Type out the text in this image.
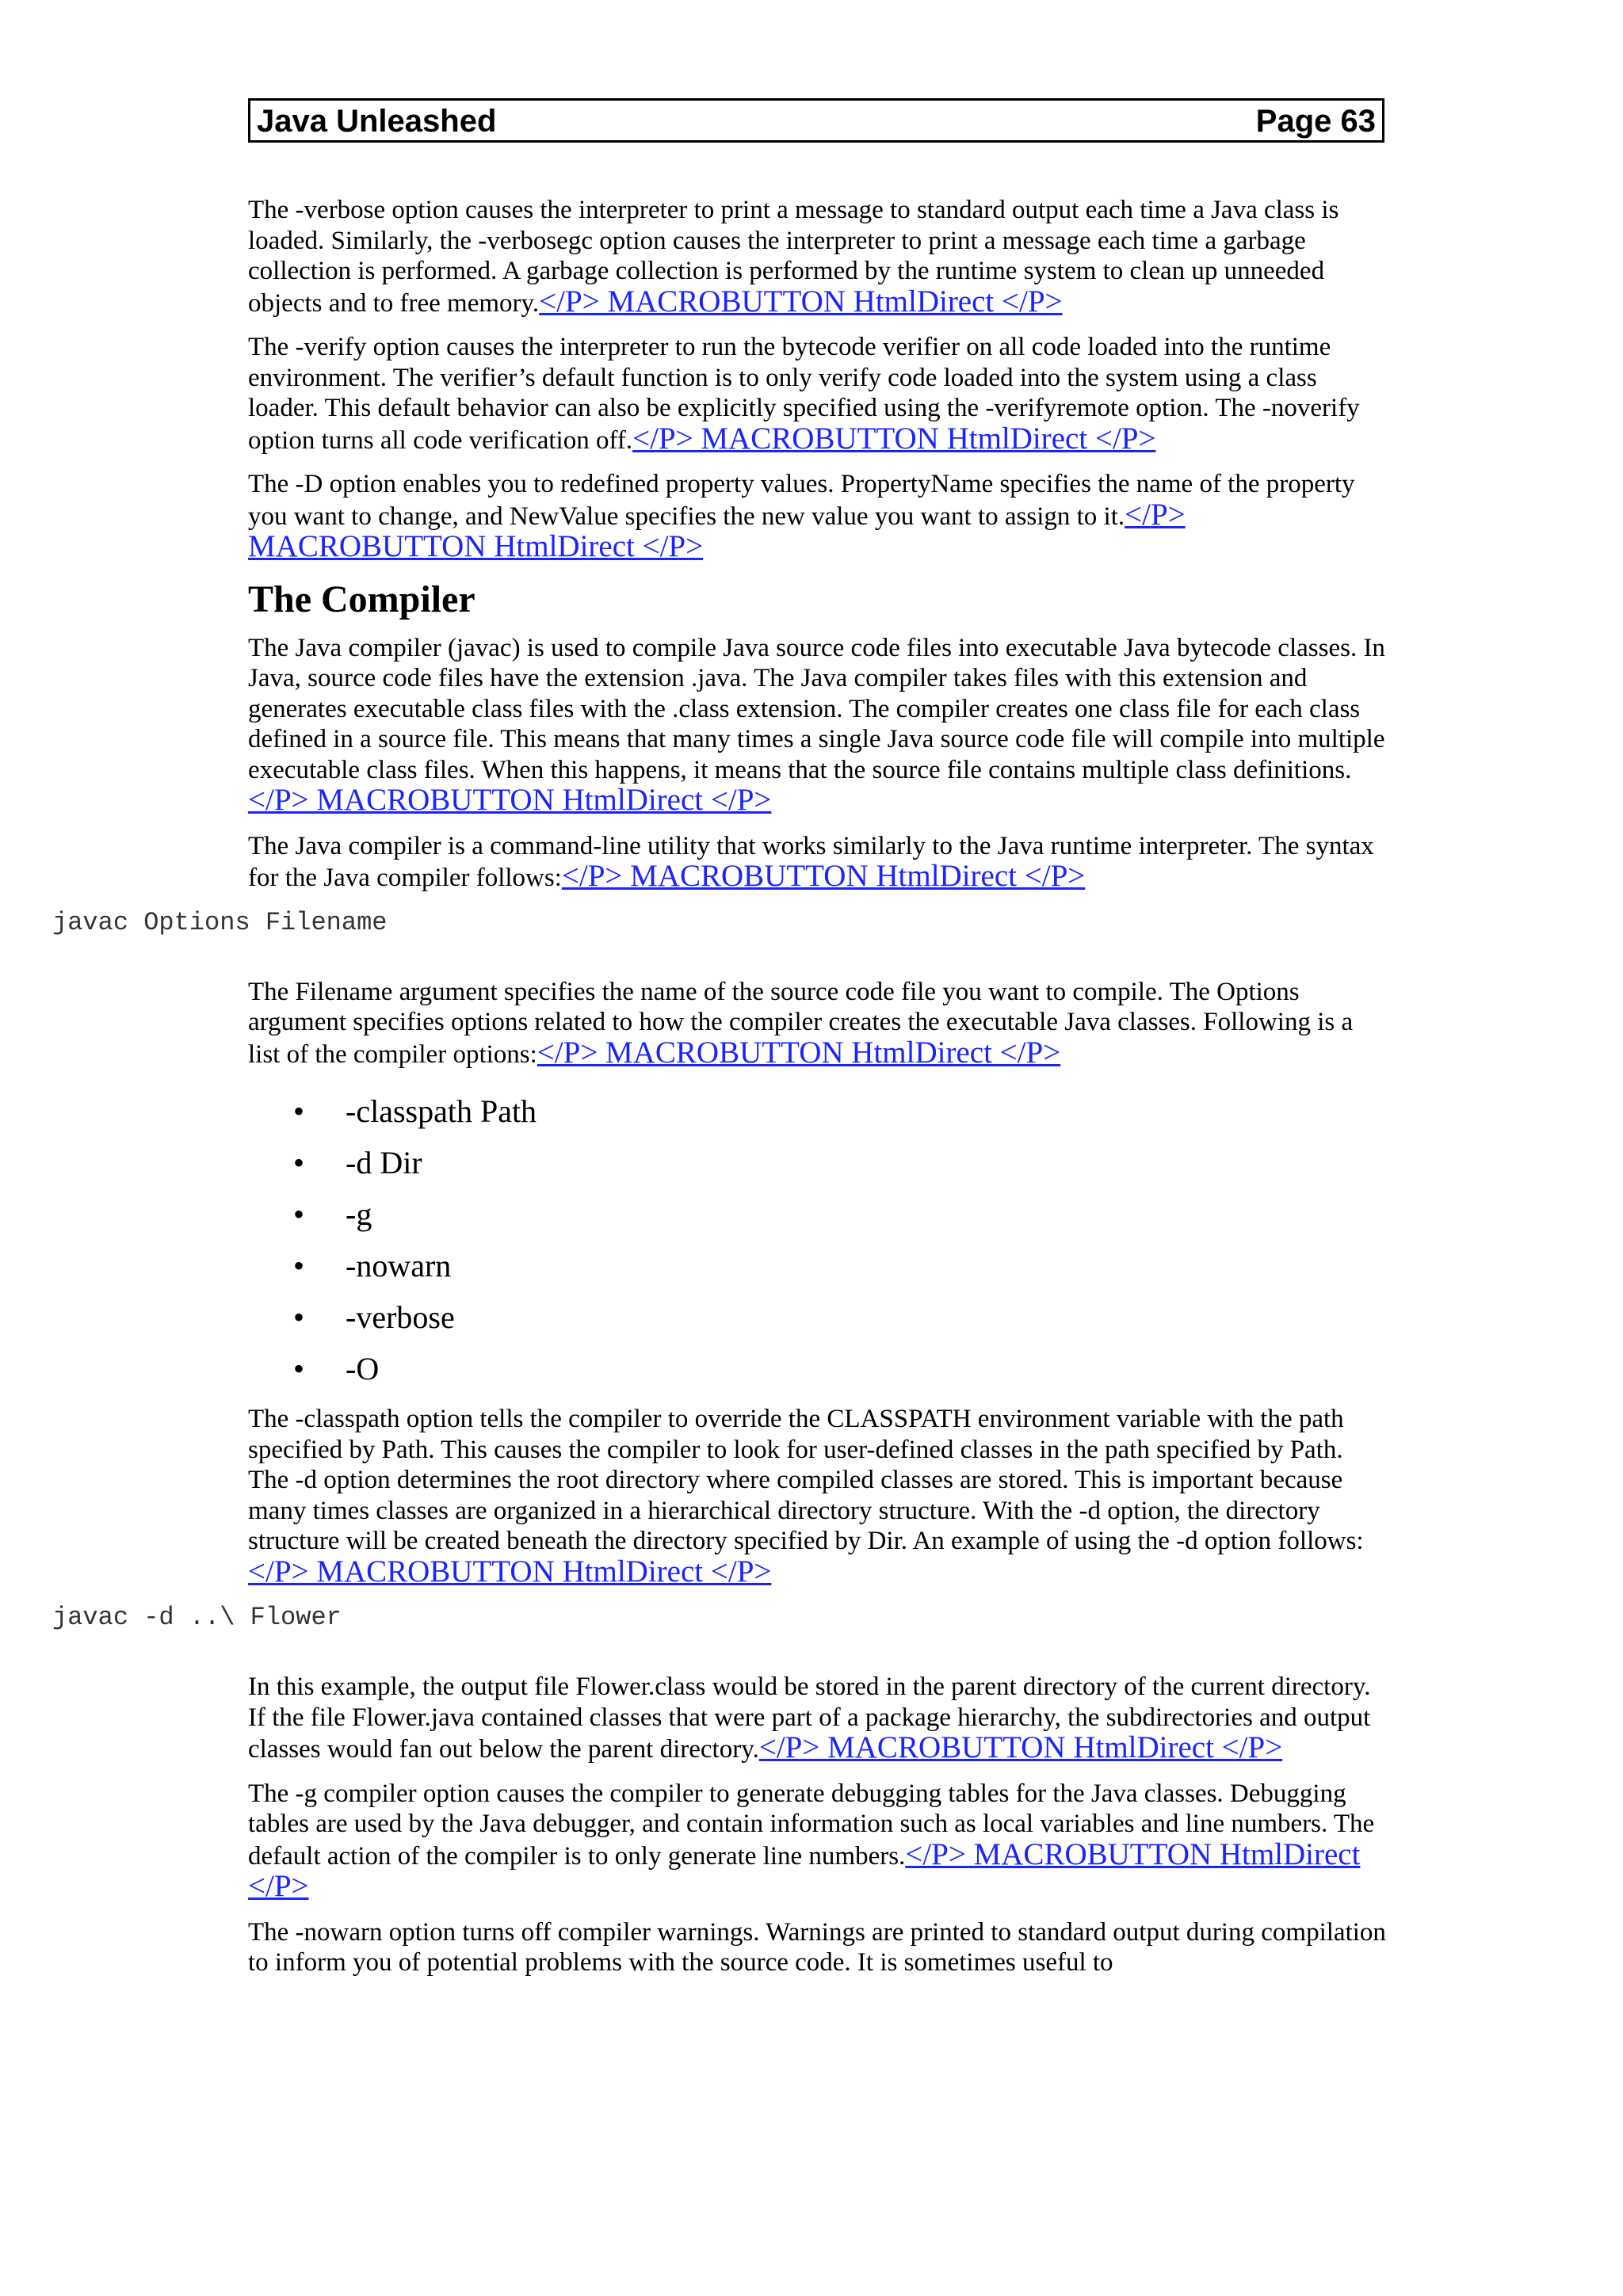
Java Unleashed	Page 63

The -verbose option causes the interpreter to print a message to standard output each time a Java class is loaded. Similarly, the -verbosegc option causes the interpreter to print a message each time a garbage collection is performed. A garbage collection is performed by the runtime system to clean up unneeded objects and to free memory.</P> MACROBUTTON HtmlDirect </P>

The -verify option causes the interpreter to run the bytecode verifier on all code loaded into the runtime environment. The verifier’s default function is to only verify code loaded into the system using a class loader. This default behavior can also be explicitly specified using the -verifyremote option. The -noverify option turns all code verification off.</P> MACROBUTTON HtmlDirect </P>

The -D option enables you to redefined property values. PropertyName specifies the name of the property you want to change, and NewValue specifies the new value you want to assign to it.</P> MACROBUTTON HtmlDirect </P>

The Compiler

The Java compiler (javac) is used to compile Java source code files into executable Java bytecode classes. In Java, source code files have the extension .java. The Java compiler takes files with this extension and generates executable class files with the .class extension. The compiler creates one class file for each class defined in a source file. This means that many times a single Java source code file will compile into multiple executable class files. When this happens, it means that the source file contains multiple class definitions.</P> MACROBUTTON HtmlDirect </P>

The Java compiler is a command-line utility that works similarly to the Java runtime interpreter. The syntax for the Java compiler follows:</P> MACROBUTTON HtmlDirect </P>

javac Options Filename

The Filename argument specifies the name of the source code file you want to compile. The Options argument specifies options related to how the compiler creates the executable Java classes. Following is a list of the compiler options:</P> MACROBUTTON HtmlDirect </P>

• -classpath Path
• -d Dir
• -g
• -nowarn
• -verbose
• -O

The -classpath option tells the compiler to override the CLASSPATH environment variable with the path specified by Path. This causes the compiler to look for user-defined classes in the path specified by Path. The -d option determines the root directory where compiled classes are stored. This is important because many times classes are organized in a hierarchical directory structure. With the -d option, the directory structure will be created beneath the directory specified by Dir. An example of using the -d option follows:</P> MACROBUTTON HtmlDirect </P>

javac -d ..\ Flower

In this example, the output file Flower.class would be stored in the parent directory of the current directory. If the file Flower.java contained classes that were part of a package hierarchy, the subdirectories and output classes would fan out below the parent directory.</P> MACROBUTTON HtmlDirect </P>

The -g compiler option causes the compiler to generate debugging tables for the Java classes. Debugging tables are used by the Java debugger, and contain information such as local variables and line numbers. The default action of the compiler is to only generate line numbers.</P> MACROBUTTON HtmlDirect </P>

The -nowarn option turns off compiler warnings. Warnings are printed to standard output during compilation to inform you of potential problems with the source code. It is sometimes useful to
